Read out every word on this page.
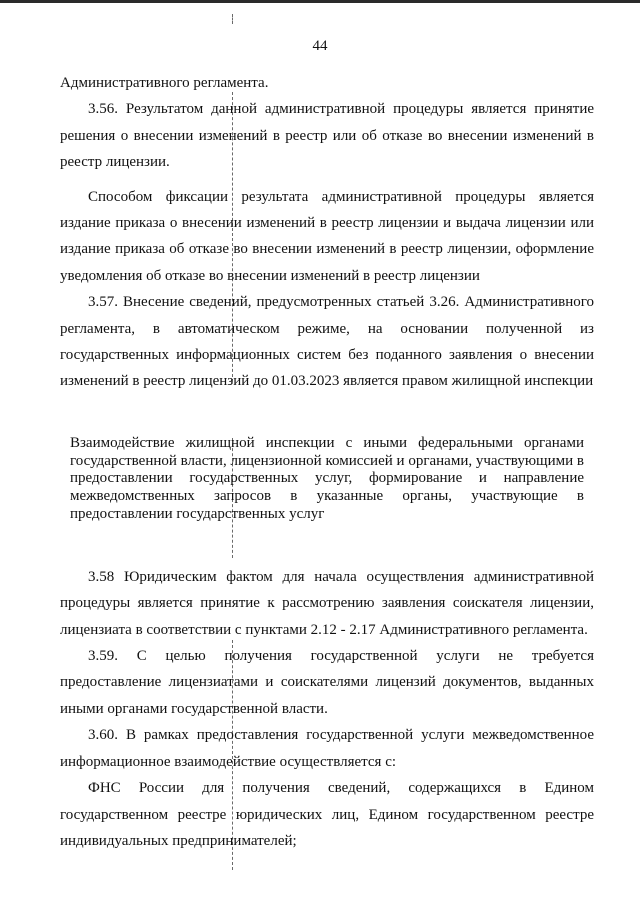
44

Административного регламента.

3.56. Результатом данной административной процедуры является принятие решения о внесении изменений в реестр или об отказе во внесении изменений в реестр лицензии.

Способом фиксации результата административной процедуры является издание приказа о внесении изменений в реестр лицензии и выдача лицензии или издание приказа об отказе во внесении изменений в реестр лицензии, оформление уведомления об отказе во внесении изменений в реестр лицензии

3.57. Внесение сведений, предусмотренных статьей 3.26. Административного регламента, в автоматическом режиме, на основании полученной из государственных информационных систем без поданного заявления о внесении изменений в реестр лицензий до 01.03.2023 является правом жилищной инспекции

Взаимодействие жилищной инспекции с иными федеральными органами государственной власти, лицензионной комиссией и органами, участвующими в предоставлении государственных услуг, формирование и направление межведомственных запросов в указанные органы, участвующие в предоставлении государственных услуг

3.58 Юридическим фактом для начала осуществления административной процедуры является принятие к рассмотрению заявления соискателя лицензии, лицензиата в соответствии с пунктами 2.12 - 2.17 Административного регламента.

3.59. С целью получения государственной услуги не требуется предоставление лицензиатами и соискателями лицензий документов, выданных иными органами государственной власти.

3.60. В рамках предоставления государственной услуги межведомственное информационное взаимодействие осуществляется с:

ФНС России для получения сведений, содержащихся в Едином государственном реестре юридических лиц, Едином государственном реестре индивидуальных предпринимателей;
